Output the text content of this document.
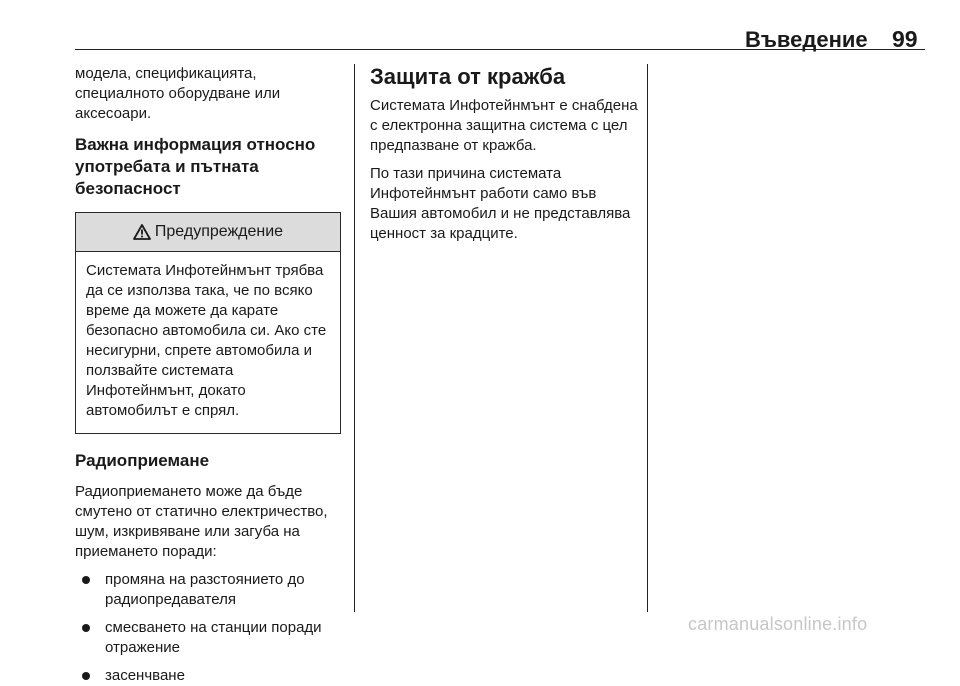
Въведение 99

модела, спецификацията, специалното оборудване или аксесоари.

Важна информация относно употребата и пътната безопасност

Предупреждение

Системата Инфотейнмънт трябва да се използва така, че по всяко време да можете да карате безопасно автомобила си. Ако сте несигурни, спрете автомобила и ползвайте системата Инфотейнмънт, докато автомобилът е спрял.

Радиоприемане

Радиоприемането може да бъде смутено от статично електричество, шум, изкривяване или загуба на приемането поради:

промяна на разстоянието до радиопредавателя
смесването на станции поради отражение
засенчване

Защита от кражба

Системата Инфотейнмънт е снабдена с електронна защитна система с цел предпазване от кражба.

По тази причина системата Инфотейнмънт работи само във Вашия автомобил и не представлява ценност за крадците.

carmanualsonline.info
